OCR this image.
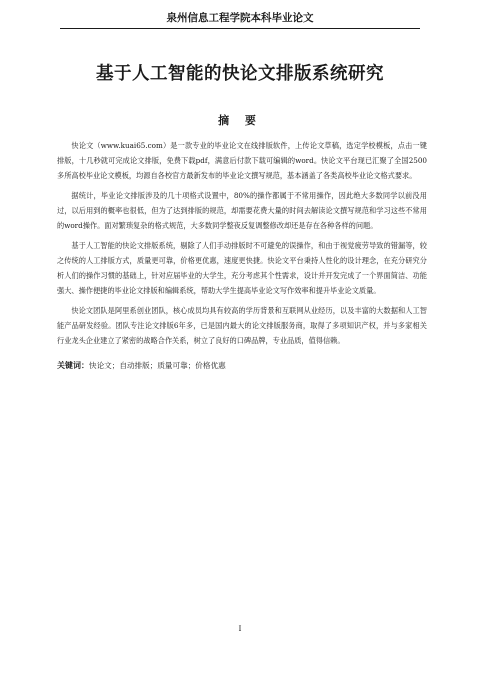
泉州信息工程学院本科毕业论文
基于人工智能的快论文排版系统研究
摘 要

快论文（www.kuai65.com）是一款专业的毕业论文在线排版软件，上传论文草稿，选定学校模板，点击一键排版，十几秒就可完成论文排版，免费下载pdf，满意后付款下载可编辑的word。快论文平台现已汇聚了全国2500多所高校毕业论文模板，均源自各校官方最新发布的毕业论文撰写规范，基本涵盖了各类高校毕业论文格式要求。

据统计，毕业论文排版涉及的几十项格式设置中，80%的操作都属于不常用操作，因此绝大多数同学以前没用过，以后用到的概率也很低，但为了达到排版的规范，却需要花费大量的时间去解读论文撰写规范和学习这些不常用的word操作。面对繁琐复杂的格式规范，大多数同学整夜反复调整修改却还是存在各种各样的问题。

基于人工智能的快论文排版系统，剔除了人们手动排版时不可避免的误操作，和由于视觉疲劳导致的错漏等，较之传统的人工排版方式，质量更可靠，价格更优惠，速度更快捷。快论文平台秉持人性化的设计理念，在充分研究分析人们的操作习惯的基础上，针对应届毕业的大学生，充分考虑其个性需求，设计并开发完成了一个界面简洁、功能强大、操作便捷的毕业论文排版和编辑系统，帮助大学生提高毕业论文写作效率和提升毕业论文质量。

快论文团队是阿里系创业团队，核心成员均具有较高的学历背景和互联网从业经历，以及丰富的大数据和人工智能产品研发经验。团队专注论文排版6年多，已是国内最大的论文排版服务商，取得了多项知识产权，并与多家相关行业龙头企业建立了紧密的战略合作关系，树立了良好的口碑品牌，专业品质，值得信赖。

关键词：快论文；自动排版；质量可靠；价格优惠
I
